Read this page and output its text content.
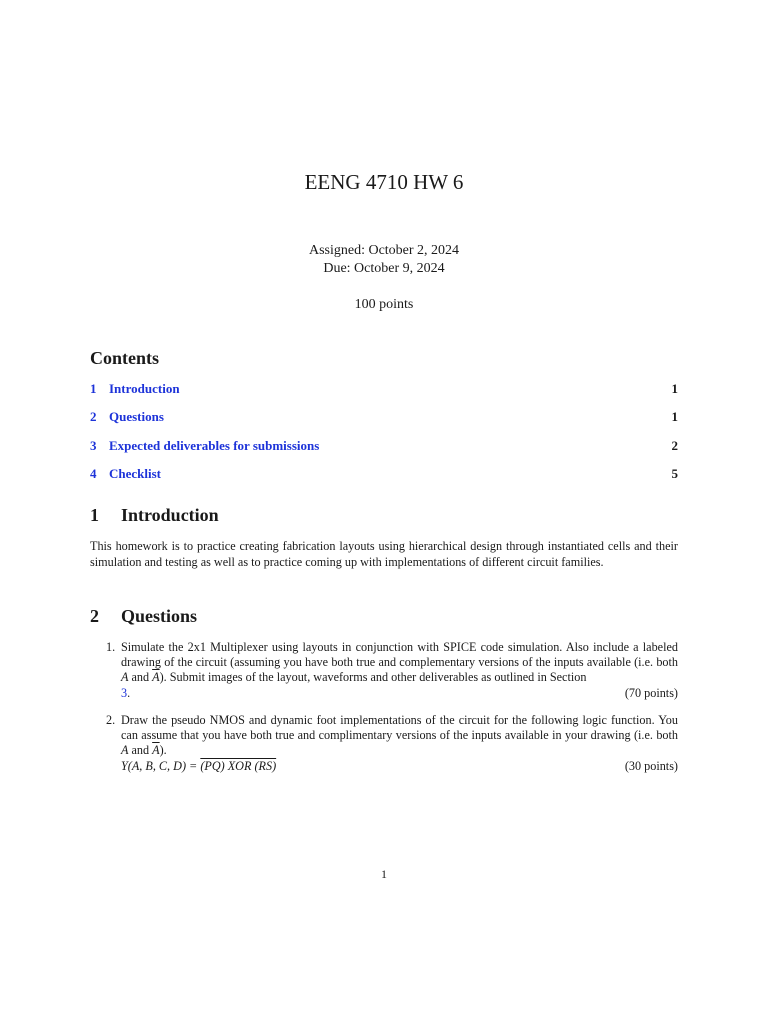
EENG 4710 HW 6
Assigned: October 2, 2024
Due: October 9, 2024
100 points
Contents
1 Introduction	1
2 Questions	1
3 Expected deliverables for submissions	2
4 Checklist	5
1	Introduction
This homework is to practice creating fabrication layouts using hierarchical design through instantiated cells and their simulation and testing as well as to practice coming up with implementations of different circuit families.
2	Questions
1. Simulate the 2x1 Multiplexer using layouts in conjunction with SPICE code simulation. Also include a labeled drawing of the circuit (assuming you have both true and complementary versions of the inputs available (i.e. both A and $\overline{A}$). Submit images of the layout, waveforms and other deliverables as outlined in Section
3.	(70 points)
2. Draw the pseudo NMOS and dynamic foot implementations of the circuit for the following logic function. You can assume that you have both true and complimentary versions of the inputs available in your drawing (i.e. both A and $\overline{A}$).
Y(A, B, C, D) = (PQ) XOR (RS)	(30 points)
1
